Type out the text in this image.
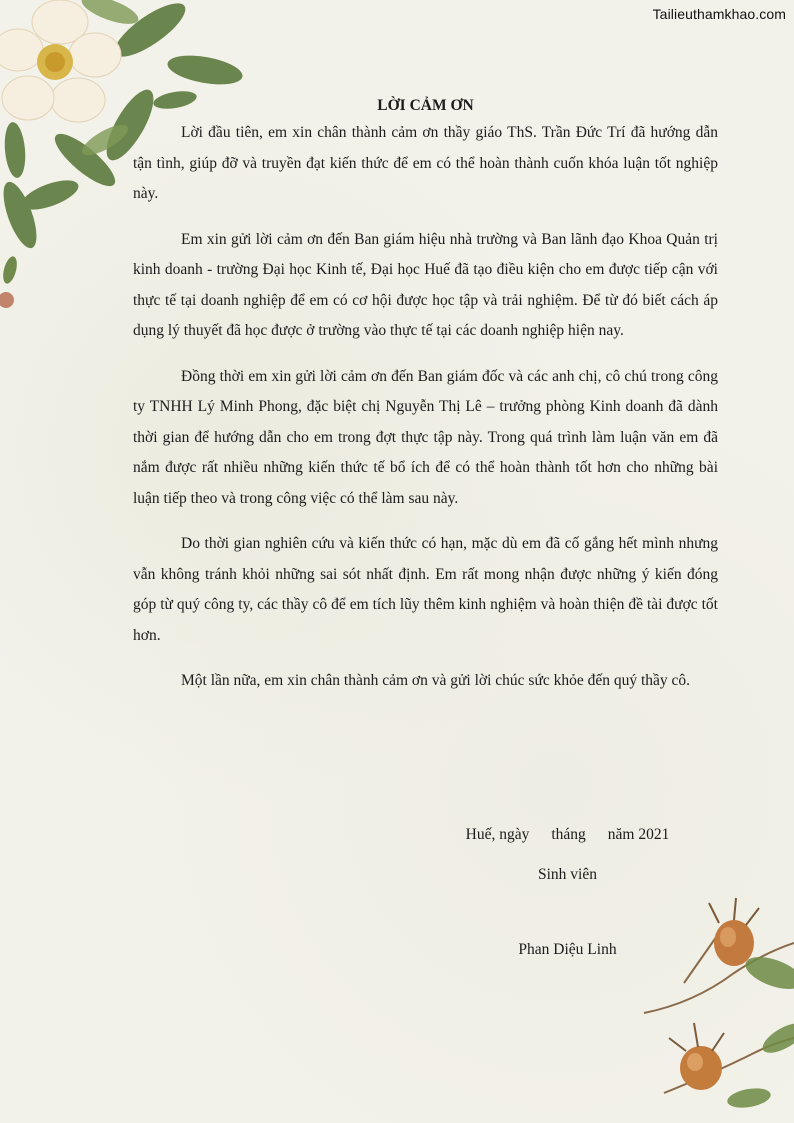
Tailieuthamkhao.com

LỜI CẢM ƠN

Lời đầu tiên, em xin chân thành cảm ơn thầy giáo ThS. Trần Đức Trí đã hướng dẫn tận tình, giúp đỡ và truyền đạt kiến thức để em có thể hoàn thành cuốn khóa luận tốt nghiệp này.

Em xin gửi lời cảm ơn đến Ban giám hiệu nhà trường và Ban lãnh đạo Khoa Quản trị kinh doanh - trường Đại học Kinh tế, Đại học Huế đã tạo điều kiện cho em được tiếp cận với thực tế tại doanh nghiệp để em có cơ hội được học tập và trải nghiệm. Để từ đó biết cách áp dụng lý thuyết đã học được ở trường vào thực tế tại các doanh nghiệp hiện nay.

Đồng thời em xin gửi lời cảm ơn đến Ban giám đốc và các anh chị, cô chú trong công ty TNHH Lý Minh Phong, đặc biệt chị Nguyễn Thị Lê – trưởng phòng Kinh doanh đã dành thời gian để hướng dẫn cho em trong đợt thực tập này. Trong quá trình làm luận văn em đã nắm được rất nhiều những kiến thức tế bổ ích để có thể hoàn thành tốt hơn cho những bài luận tiếp theo và trong công việc có thể làm sau này.

Do thời gian nghiên cứu và kiến thức có hạn, mặc dù em đã cố gắng hết mình nhưng vẫn không tránh khỏi những sai sót nhất định. Em rất mong nhận được những ý kiến đóng góp từ quý công ty, các thầy cô để em tích lũy thêm kinh nghiệm và hoàn thiện đề tài được tốt hơn.

Một lần nữa, em xin chân thành cảm ơn và gửi lời chúc sức khỏe đến quý thầy cô.

Huế, ngày tháng năm 2021
Sinh viên
Phan Diệu Linh
